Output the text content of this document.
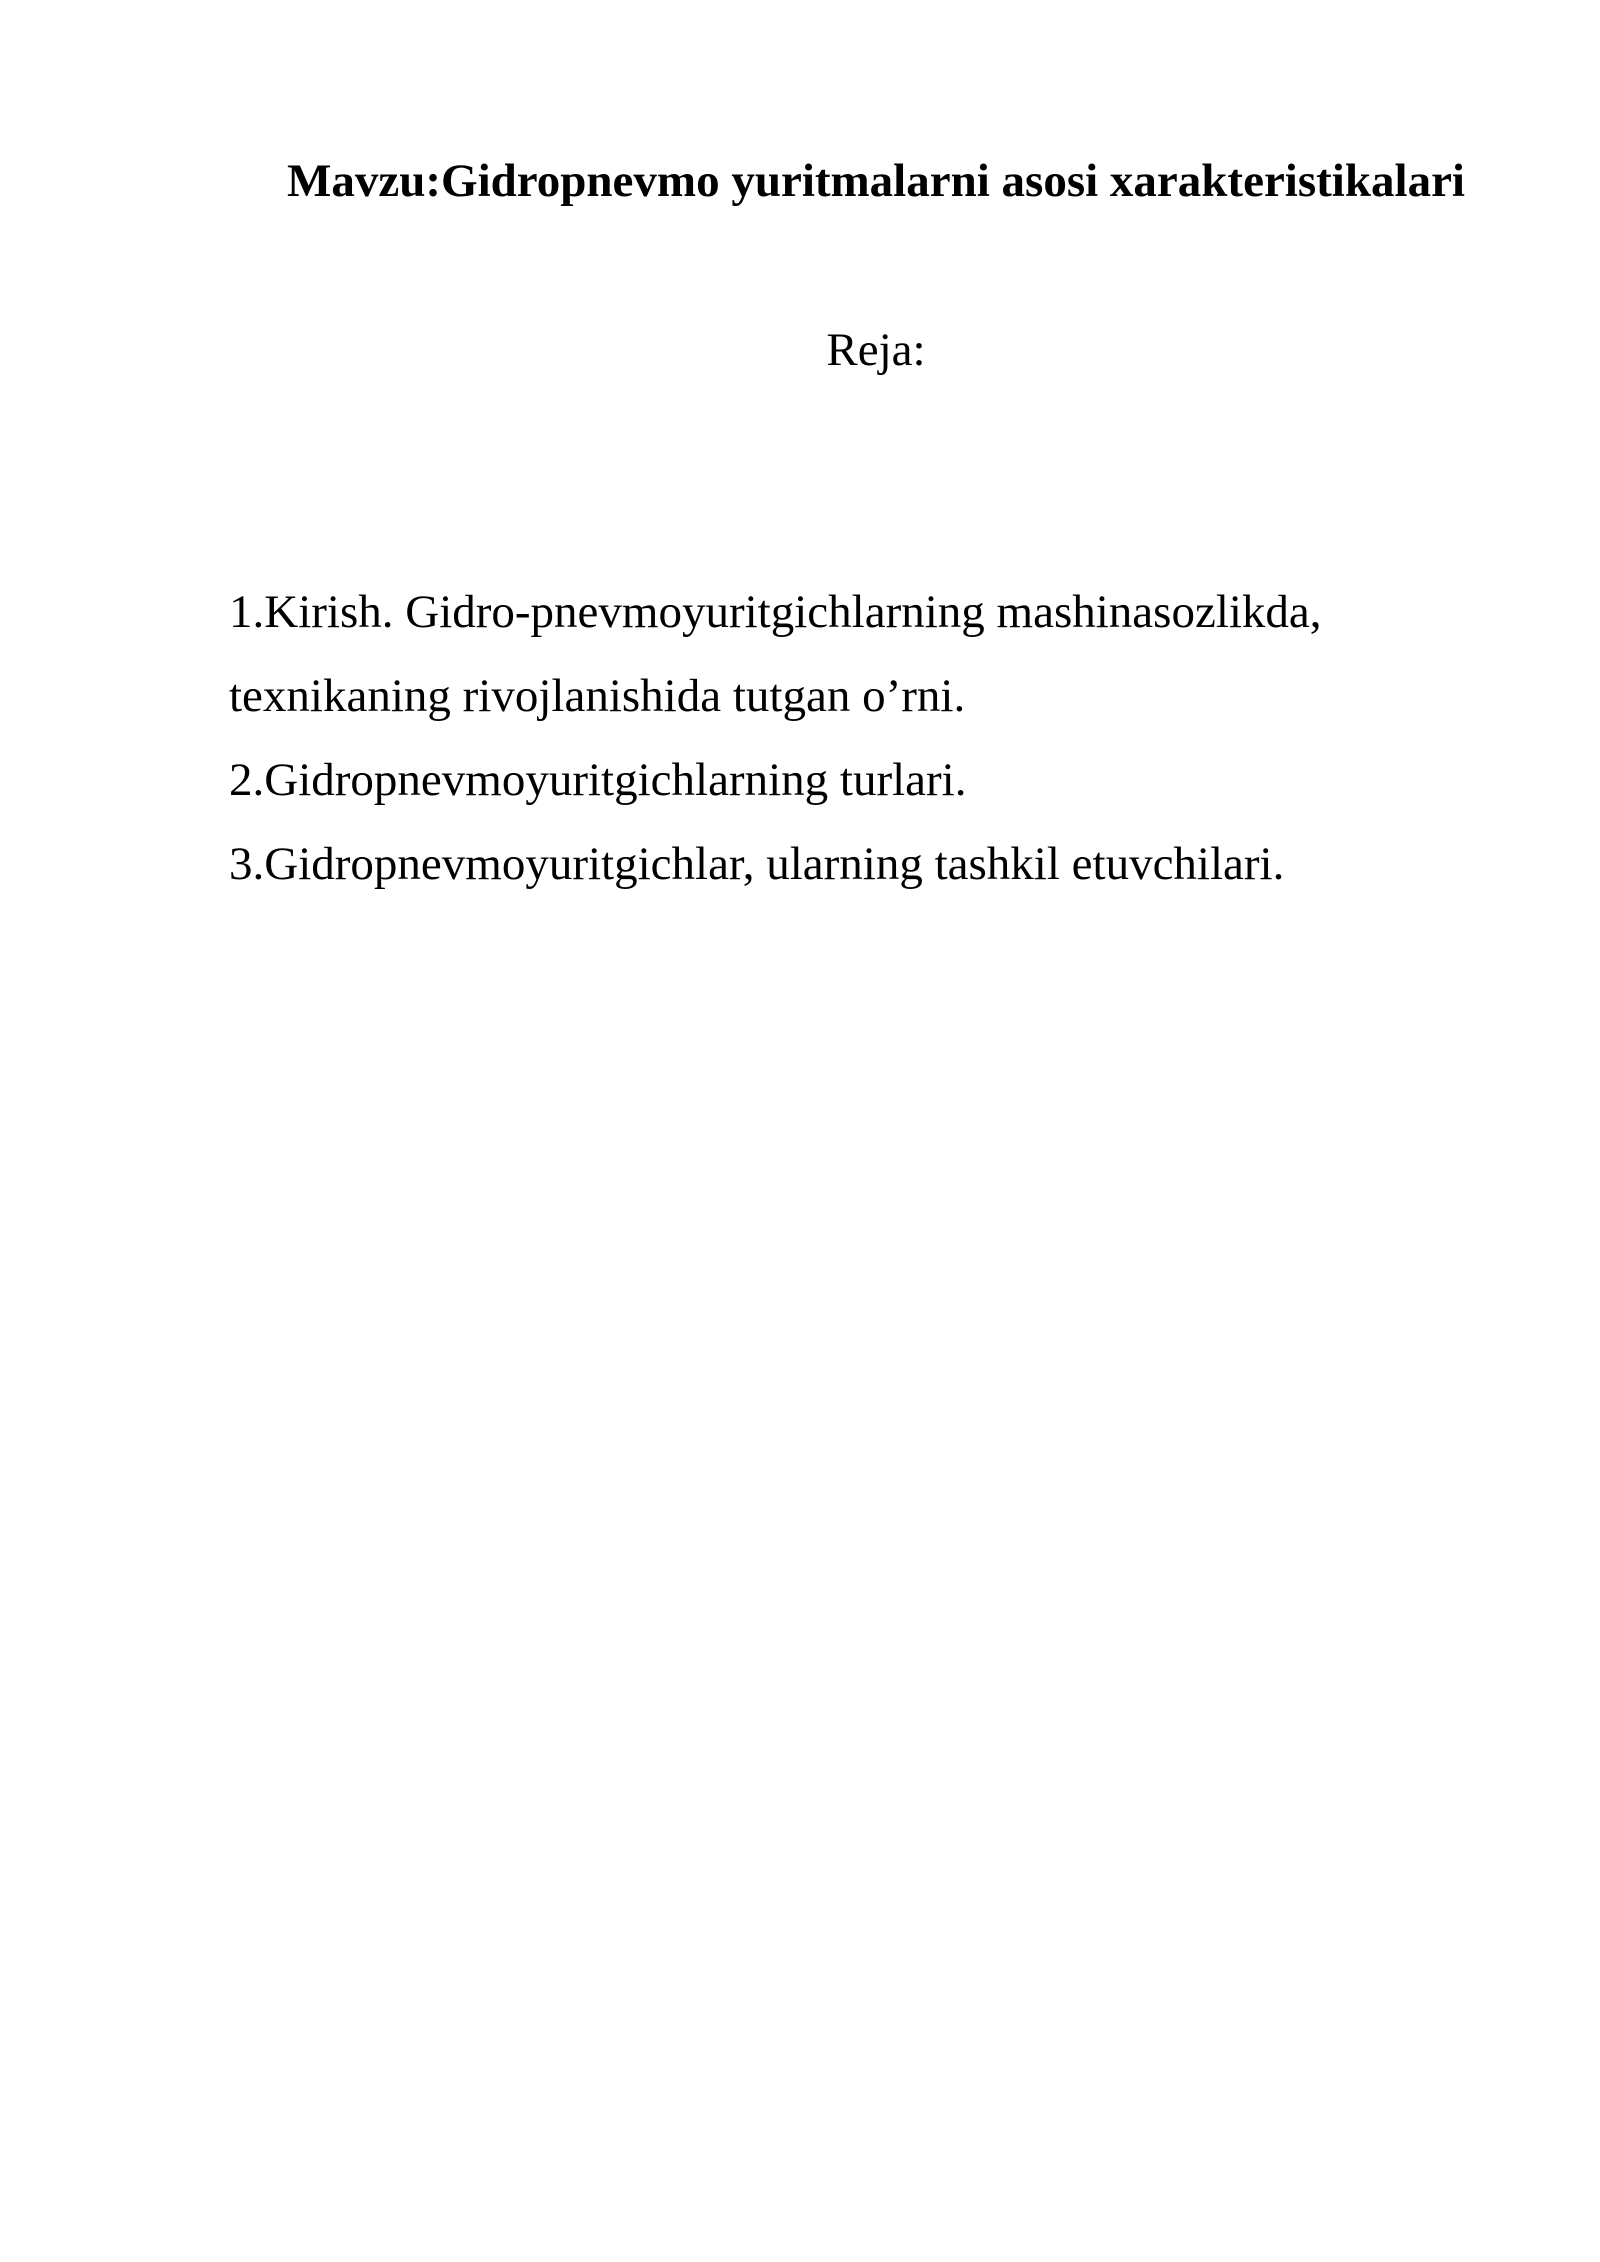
Mavzu:Gidropnevmo yuritmalarni asosi xarakteristikalari
Reja:
1.Kirish. Gidro-pnevmoyuritgichlarning mashinasozlikda,
texnikaning rivojlanishida tutgan o’rni.
2.Gidropnevmoyuritgichlarning turlari.
3.Gidropnevmoyuritgichlar, ularning tashkil etuvchilari.
